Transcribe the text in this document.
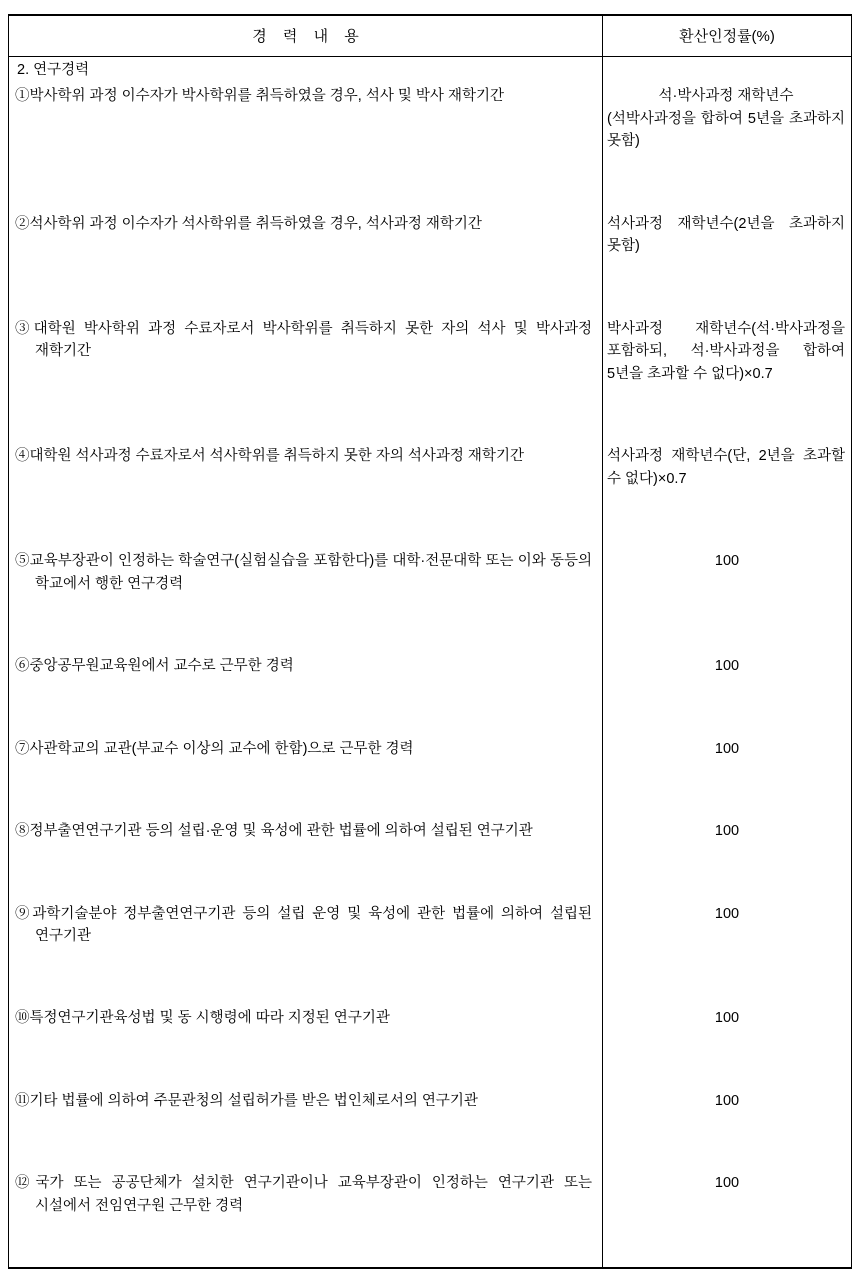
경 력 내 용	환산인정률(%)
2. 연구경력	

①박사학위 과정 이수자가 박사학위를 취득하였을 경우, 석사 및 박사 재학기간	석·박사과정 재학년수
(석박사과정을 합하여 5년을 초과하지 못함)

②석사학위 과정 이수자가 석사학위를 취득하였을 경우, 석사과정 재학기간	석사과정 재학년수(2년을 초과하지 못함)

③대학원 박사학위 과정 수료자로서 박사학위를 취득하지 못한 자의 석사 및 박사과정 재학기간	박사과정 재학년수(석·박사과정을 포함하되, 석·박사과정을 합하여 5년을 초과할 수 없다)×0.7

④대학원 석사과정 수료자로서 석사학위를 취득하지 못한 자의 석사과정 재학기간	석사과정 재학년수(단, 2년을 초과할 수 없다)×0.7

⑤교육부장관이 인정하는 학술연구(실험실습을 포함한다)를 대학·전문대학 또는 이와 동등의 학교에서 행한 연구경력	100

⑥중앙공무원교육원에서 교수로 근무한 경력	100

⑦사관학교의 교관(부교수 이상의 교수에 한함)으로 근무한 경력	100

⑧정부출연연구기관 등의 설립·운영 및 육성에 관한 법률에 의하여 설립된 연구기관	100

⑨과학기술분야 정부출연연구기관 등의 설립 운영 및 육성에 관한 법률에 의하여 설립된 연구기관	100

⑩특정연구기관육성법 및 동 시행령에 따라 지정된 연구기관	100

⑪기타 법률에 의하여 주문관청의 설립허가를 받은 법인체로서의 연구기관	100

⑫국가 또는 공공단체가 설치한 연구기관이나 교육부장관이 인정하는 연구기관 또는 시설에서 전임연구원 근무한 경력	100
